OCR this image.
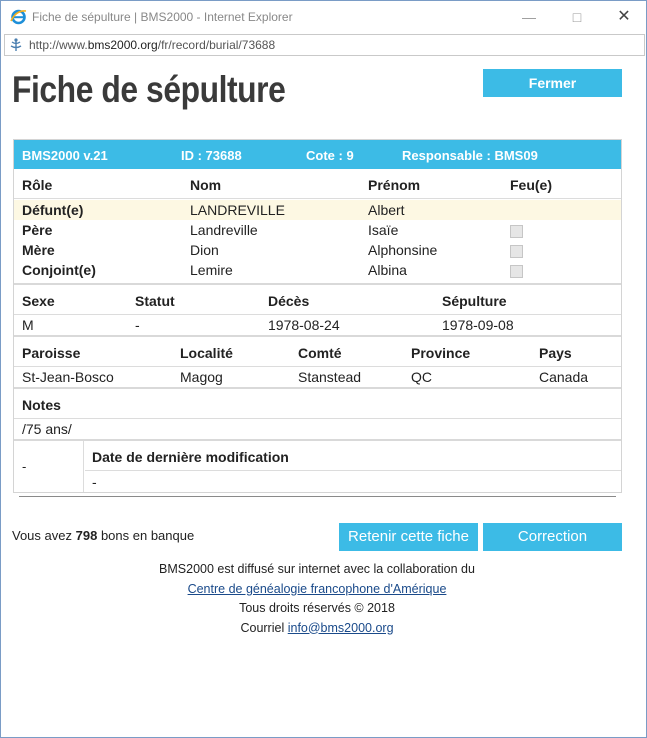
Fiche de sépulture | BMS2000 - Internet Explorer	—	□	✕
http://www.bms2000.org/fr/record/burial/73688
Fiche de sépulture	Fermer
BMS2000 v.21	ID : 73688	Cote : 9	Responsable : BMS09
Rôle	Nom	Prénom	Feu(e)
Défunt(e)	LANDREVILLE	Albert
Père	Landreville	Isaïe
Mère	Dion	Alphonsine
Conjoint(e)	Lemire	Albina
Sexe	Statut	Décès	Sépulture
M	-	1978-08-24	1978-09-08
Paroisse	Localité	Comté	Province	Pays
St-Jean-Bosco	Magog	Stanstead	QC	Canada
Notes
/75 ans/
-
Date de dernière modification
-
Vous avez 798 bons en banque	Retenir cette fiche	Correction
BMS2000 est diffusé sur internet avec la collaboration du
Centre de généalogie francophone d'Amérique
Tous droits réservés © 2018
Courriel info@bms2000.org
